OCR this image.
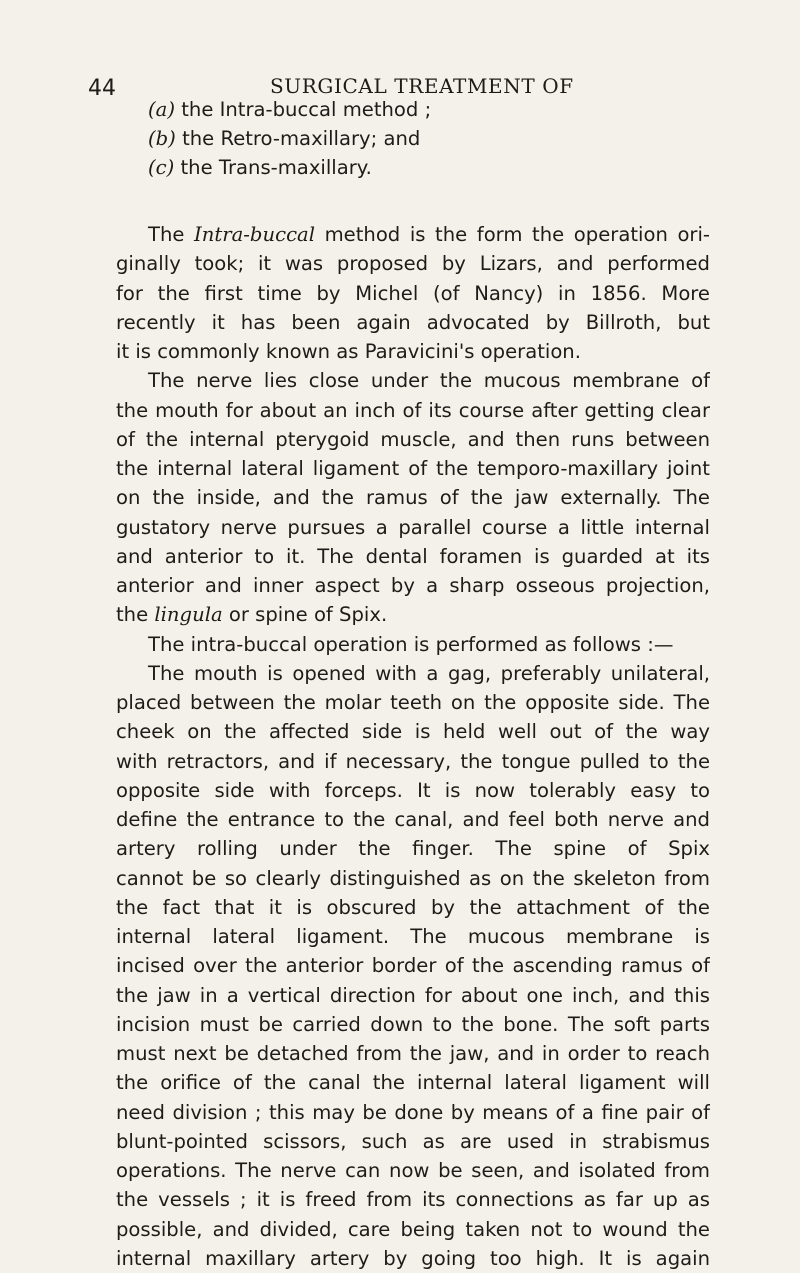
44	SURGICAL TREATMENT OF
(a) the Intra-buccal method ;
(b) the Retro-maxillary; and
(c) the Trans-maxillary.
The Intra-buccal method is the form the operation ori-
ginally took; it was proposed by Lizars, and performed
for the first time by Michel (of Nancy) in 1856. More
recently it has been again advocated by Billroth, but
it is commonly known as Paravicini's operation.
The nerve lies close under the mucous membrane of
the mouth for about an inch of its course after getting clear
of the internal pterygoid muscle, and then runs between
the internal lateral ligament of the temporo-maxillary joint
on the inside, and the ramus of the jaw externally. The
gustatory nerve pursues a parallel course a little internal
and anterior to it. The dental foramen is guarded at its
anterior and inner aspect by a sharp osseous projection,
the lingula or spine of Spix.
The intra-buccal operation is performed as follows :—
The mouth is opened with a gag, preferably unilateral,
placed between the molar teeth on the opposite side. The
cheek on the affected side is held well out of the way
with retractors, and if necessary, the tongue pulled to the
opposite side with forceps. It is now tolerably easy to
define the entrance to the canal, and feel both nerve and
artery rolling under the finger. The spine of Spix
cannot be so clearly distinguished as on the skeleton from
the fact that it is obscured by the attachment of the
internal lateral ligament. The mucous membrane is
incised over the anterior border of the ascending ramus of
the jaw in a vertical direction for about one inch, and this
incision must be carried down to the bone. The soft parts
must next be detached from the jaw, and in order to reach
the orifice of the canal the internal lateral ligament will
need division ; this may be done by means of a fine pair of
blunt-pointed scissors, such as are used in strabismus
operations. The nerve can now be seen, and isolated from
the vessels ; it is freed from its connections as far up as
possible, and divided, care being taken not to wound the
internal maxillary artery by going too high. It is again
